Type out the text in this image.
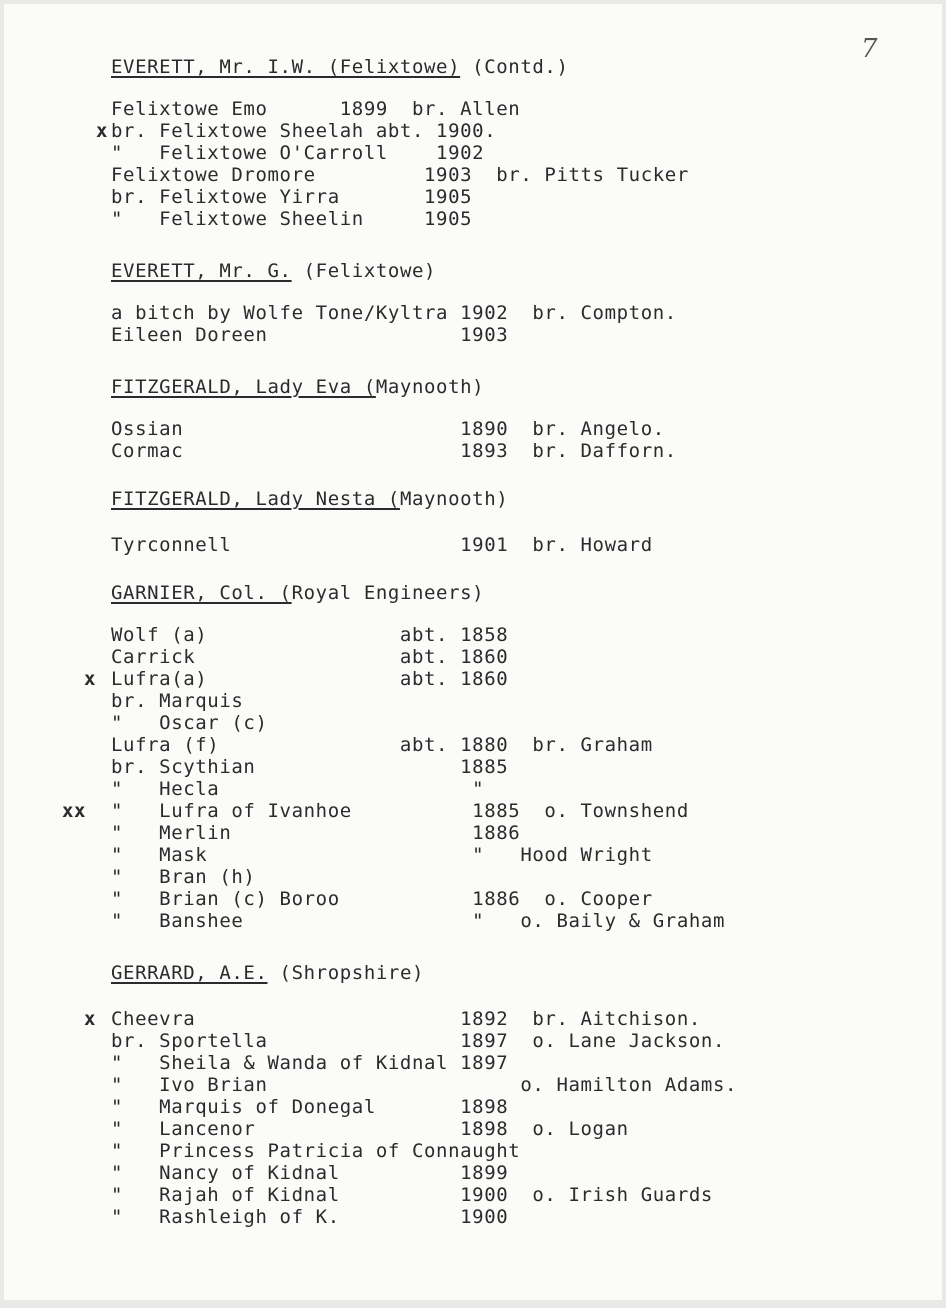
7
EVERETT, Mr. I.W. (Felixtowe) (Contd.)
Felixtowe Emo      1899  br. Allen
x br. Felixtowe Sheelah abt. 1900.
"   Felixtowe O'Carroll    1902
Felixtowe Dromore         1903  br. Pitts Tucker
br. Felixtowe Yirra       1905
"   Felixtowe Sheelin     1905
EVERETT, Mr. G. (Felixtowe)
a bitch by Wolfe Tone/Kyltra 1902  br. Compton.
Eileen Doreen                1903
FITZGERALD, Lady Eva (Maynooth)
Ossian                       1890  br. Angelo.
Cormac                       1893  br. Dafforn.
FITZGERALD, Lady Nesta (Maynooth)
Tyrconnell                   1901  br. Howard
GARNIER, Col. (Royal Engineers)
Wolf (a)                abt. 1858
Carrick                 abt. 1860
x Lufra(a)                abt. 1860
br. Marquis
"   Oscar (c)
Lufra (f)               abt. 1880  br. Graham
br. Scythian                 1885
"   Hecla                     "
xx "   Lufra of Ivanhoe          1885  o. Townshend
"   Merlin                    1886
"   Mask                      "   Hood Wright
"   Bran (h)
"   Brian (c) Boroo           1886  o. Cooper
"   Banshee                   "   o. Baily & Graham
GERRARD, A.E. (Shropshire)
x Cheevra                      1892  br. Aitchison.
br. Sportella                1897  o. Lane Jackson.
"   Sheila & Wanda of Kidnal 1897
"   Ivo Brian                     o. Hamilton Adams.
"   Marquis of Donegal       1898
"   Lancenor                 1898  o. Logan
"   Princess Patricia of Connaught
"   Nancy of Kidnal          1899
"   Rajah of Kidnal          1900  o. Irish Guards
"   Rashleigh of K.          1900
